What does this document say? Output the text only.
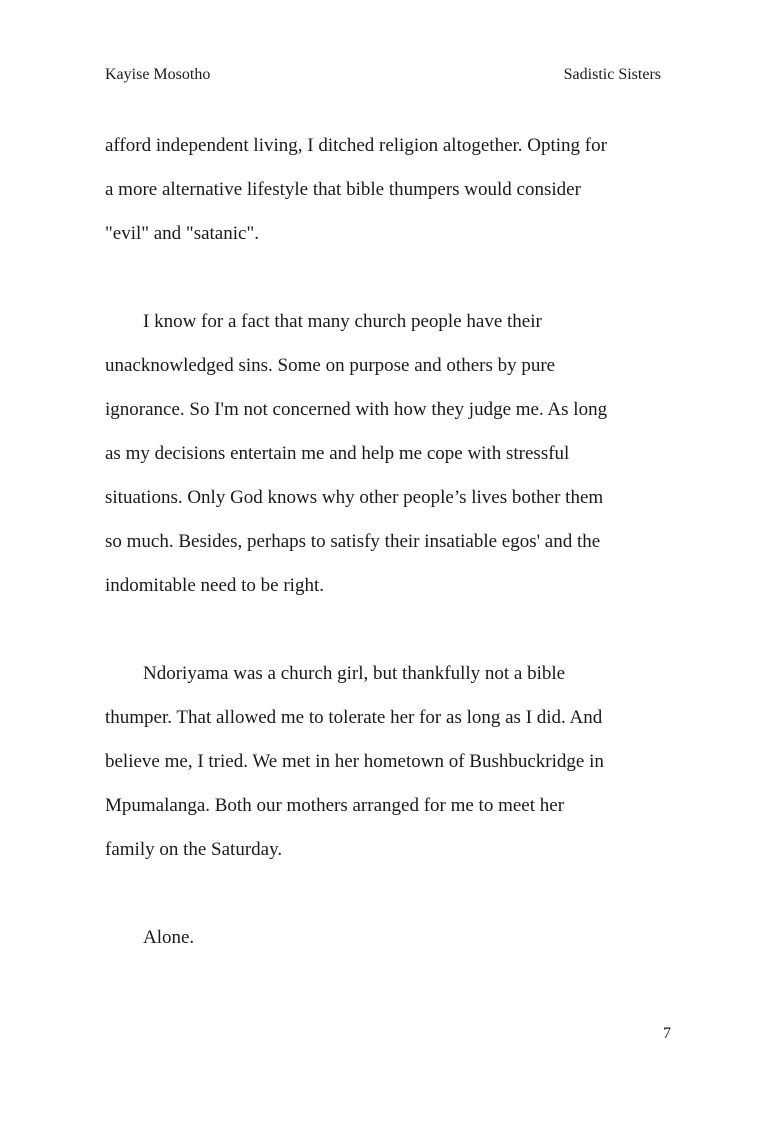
Kayise Mosotho	Sadistic Sisters
afford independent living, I ditched religion altogether. Opting for
a more alternative lifestyle that bible thumpers would consider
"evil" and "satanic".
I know for a fact that many church people have their
unacknowledged sins. Some on purpose and others by pure
ignorance. So I'm not concerned with how they judge me. As long
as my decisions entertain me and help me cope with stressful
situations. Only God knows why other people’s lives bother them
so much. Besides, perhaps to satisfy their insatiable egos' and the
indomitable need to be right.
Ndoriyama was a church girl, but thankfully not a bible
thumper. That allowed me to tolerate her for as long as I did. And
believe me, I tried. We met in her hometown of Bushbuckridge in
Mpumalanga. Both our mothers arranged for me to meet her
family on the Saturday.
Alone.
7
